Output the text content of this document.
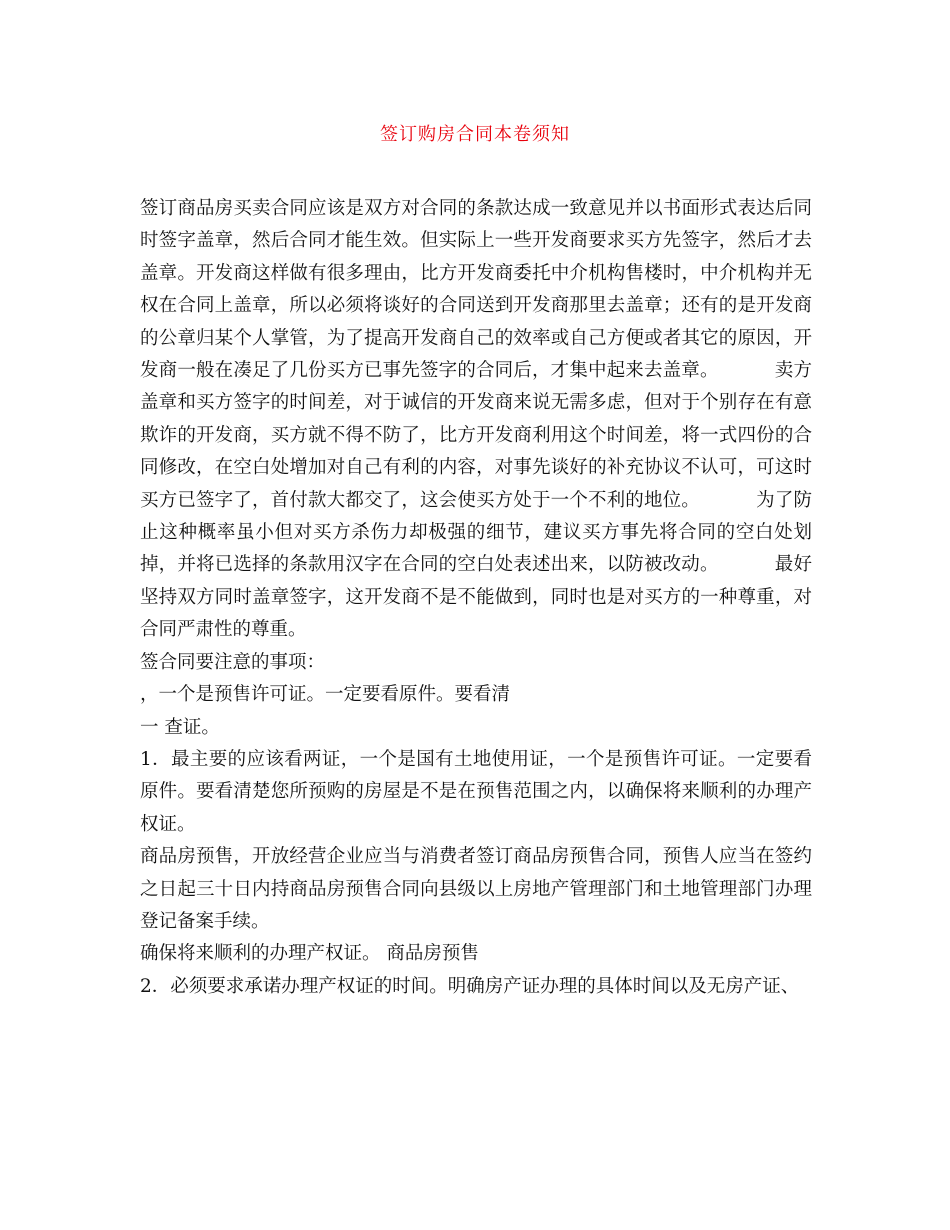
签订购房合同本卷须知

签订商品房买卖合同应该是双方对合同的条款达成一致意见并以书面形式表达后同时签字盖章，然后合同才能生效。但实际上一些开发商要求买方先签字，然后才去盖章。开发商这样做有很多理由，比方开发商委托中介机构售楼时，中介机构并无权在合同上盖章，所以必须将谈好的合同送到开发商那里去盖章；还有的是开发商的公章归某个人掌管，为了提高开发商自己的效率或自己方便或者其它的原因，开发商一般在凑足了几份买方已事先签字的合同后，才集中起来去盖章。	卖方盖章和买方签字的时间差，对于诚信的开发商来说无需多虑，但对于个别存在有意欺诈的开发商，买方就不得不防了，比方开发商利用这个时间差，将一式四份的合同修改，在空白处增加对自己有利的内容，对事先谈好的补充协议不认可，可这时买方已签字了，首付款大都交了，这会使买方处于一个不利的地位。	为了防止这种概率虽小但对买方杀伤力却极强的细节，建议买方事先将合同的空白处划掉，并将已选择的条款用汉字在合同的空白处表述出来，以防被改动。	最好坚持双方同时盖章签字，这开发商不是不能做到，同时也是对买方的一种尊重，对合同严肃性的尊重。

签合同要注意的事项：

，一个是预售许可证。一定要看原件。要看清

一 查证。

1．最主要的应该看两证，一个是国有土地使用证，一个是预售许可证。一定要看原件。要看清楚您所预购的房屋是不是在预售范围之内，以确保将来顺利的办理产权证。

商品房预售，开放经营企业应当与消费者签订商品房预售合同，预售人应当在签约之日起三十日内持商品房预售合同向县级以上房地产管理部门和土地管理部门办理登记备案手续。

确保将来顺利的办理产权证。 商品房预售

2．必须要求承诺办理产权证的时间。明确房产证办理的具体时间以及无房产证、
